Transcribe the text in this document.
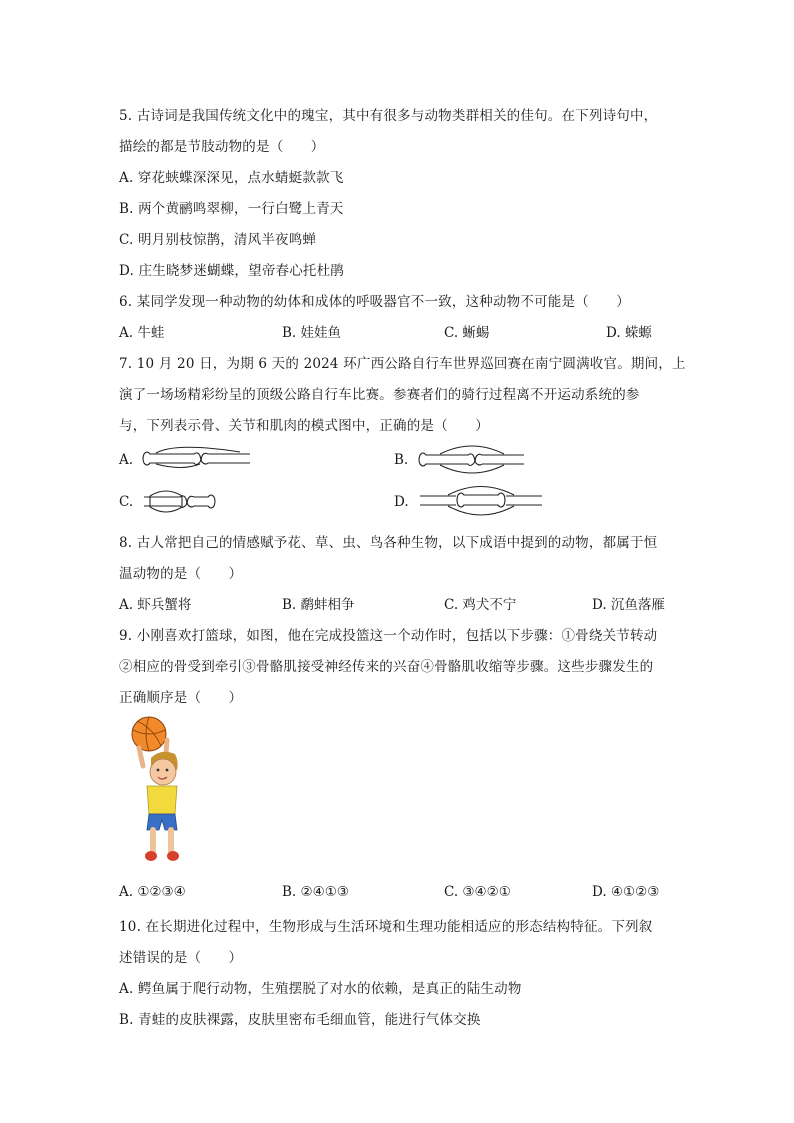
5. 古诗词是我国传统文化中的瑰宝，其中有很多与动物类群相关的佳句。在下列诗句中，
描绘的都是节肢动物的是（　　）
A. 穿花蛱蝶深深见，点水蜻蜓款款飞
B. 两个黄鹂鸣翠柳，一行白鹭上青天
C. 明月别枝惊鹊，清风半夜鸣蝉
D. 庄生晓梦迷蝴蝶，望帝春心托杜鹃
6. 某同学发现一种动物的幼体和成体的呼吸器官不一致，这种动物不可能是（　　）
A. 牛蛙	B. 娃娃鱼	C. 蜥蜴	D. 蝾螈
7. 10 月 20 日，为期 6 天的 2024 环广西公路自行车世界巡回赛在南宁圆满收官。期间，上
演了一场场精彩纷呈的顶级公路自行车比赛。参赛者们的骑行过程离不开运动系统的参
与，下列表示骨、关节和肌肉的模式图中，正确的是（　　）
A.	B.
C.	D.
8. 古人常把自己的情感赋予花、草、虫、鸟各种生物，以下成语中提到的动物，都属于恒
温动物的是（　　）
A. 虾兵蟹将	B. 鹬蚌相争	C. 鸡犬不宁	D. 沉鱼落雁
9. 小刚喜欢打篮球，如图，他在完成投篮这一个动作时，包括以下步骤：①骨绕关节转动
②相应的骨受到牵引③骨骼肌接受神经传来的兴奋④骨骼肌收缩等步骤。这些步骤发生的
正确顺序是（　　）
A. ①②③④	B. ②④①③	C. ③④②①	D. ④①②③
10. 在长期进化过程中，生物形成与生活环境和生理功能相适应的形态结构特征。下列叙
述错误的是（　　）
A. 鳄鱼属于爬行动物，生殖摆脱了对水的依赖，是真正的陆生动物
B. 青蛙的皮肤裸露，皮肤里密布毛细血管，能进行气体交换
